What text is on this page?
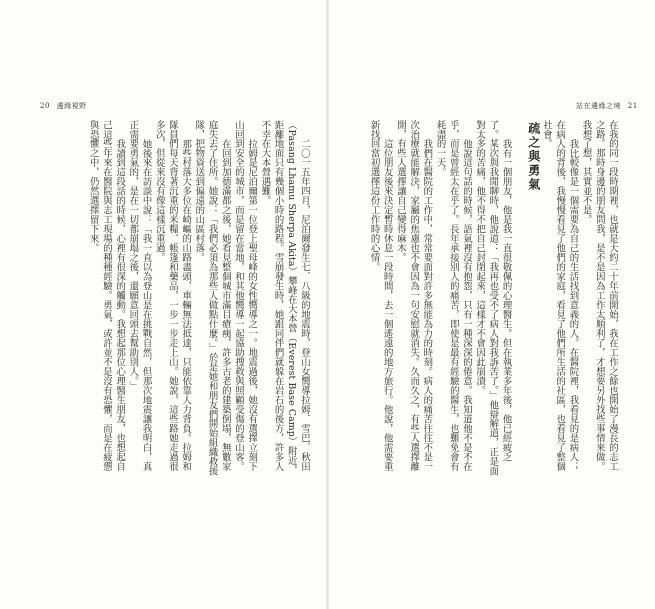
20 邊緣視野	站在邊緣之境 21

在我的同一段時期裡，也就是大約二十年前開始，我在工作之餘也開始了漫長的志工之路。那時身邊的朋友問我，是不是因為工作太順利了，才想要另外找些事情來做。我想了想，其實並不是。

我比較像是一個需要為自己的生活找到意義的人。在醫院裡，我看見的是病人；在病人的背後，我慢慢看見了他們的家庭，看見了他們所生活的社區，也看見了整個社會。

疏之與勇氣

我有一個朋友，他是我一直很敬佩的心理醫生。但在執業多年後，他已經疲乏了。某次與我閒聊時，他說道：「我再也受不了病人對我訴苦了。」他辯解道，正是面對太多的苦痛，他不得不把自己封閉起來，這樣才不會因此崩潰。

他說這句話的時候，語氣裡沒有抱怨，只有一種深深的倦意。我知道他不是不在乎，而是曾經太在乎了。長年承接別人的痛苦，即使是最有經驗的醫生，也難免會有耗盡的一天。

我們在醫院的工作中，常常要面對許多無能為力的時刻。病人的痛苦往往不是一次治療就能解決，家屬的焦慮也不會因為一句安慰就消失。久而久之，有些人選擇離開，有些人選擇讓自己變得麻木。

這位朋友後來決定暫時休息一段時間，去一個遙遠的地方旅行。他說，他需要重新找回當初選擇這份工作時的心情。

二〇一五年四月，尼泊爾發生七．八級的地震時，登山女嚮導拉姆．雪巴．秋田（Pasang Lhamu Sherpa Akita）攀峰在大本營（Everest Base Camp）附近，距離地面只有幾個小時的路程。雪崩發生時，她跟同伴們就躲在岩石的後方，許多人不幸在大本營遇難。

拉姆是尼泊爾第一位登上聖母峰的女性嚮導之一。地震過後，她沒有選擇立刻下山回到安全的城市，而是留在當地，和其他嚮導一起協助搜救與照顧受傷的登山客。

在回到加德滿都之後，她看見整個城市滿目瘡痍，許多古老的建築倒塌，無數家庭失去了住所。她說：「我們必須為那些人做點什麼。」於是她和朋友們開始組織救援隊，把物資送到偏遠的山區村落。

那些村落大多位在崎嶇的山路盡頭，車輛無法抵達，只能依靠人力背負。拉姆和隊員們每天背著沉重的米糧、帳篷和藥品，一步一步走上山。她說，這些路她走過很多次，但從來沒有像這樣沉重過。

她後來在訪談中說：「我一直以為登山是在挑戰自然，但那次地震讓我明白，真正需要勇氣的，是在一切都崩塌之後，還願意回頭去幫助別人。」

我讀到這段話的時候，心裡有很深的觸動。我想起那位心理醫生朋友，也想起自己這些年來在醫院與志工現場的種種經驗。勇氣，或許並不是沒有恐懼，而是在疲憊與恐懼之中，仍然選擇留下來。
